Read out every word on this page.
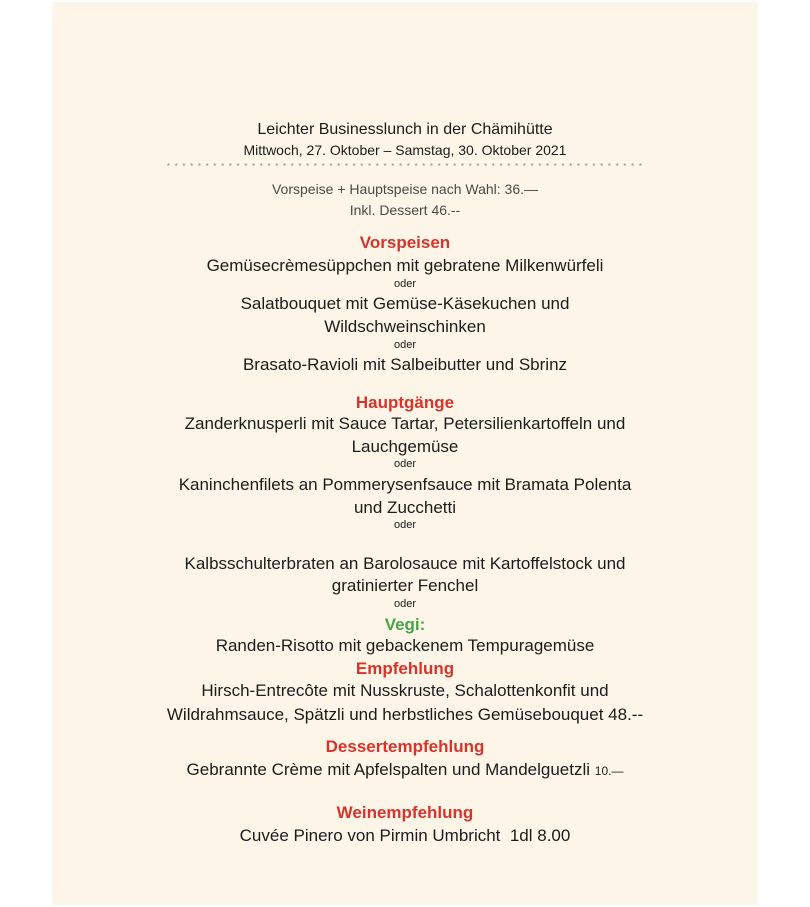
Leichter Businesslunch in der Chämihütte
Mittwoch, 27. Oktober – Samstag, 30. Oktober 2021
* * * * * * * * * * * * * * * * * * * * * * * * * * * * * * * * * * * * * * * * * * * * * * * * * * * * * * * * * * * * * *
Vorspeise + Hauptspeise nach Wahl: 36.—
Inkl. Dessert 46.--
Vorspeisen
Gemüsecrèmesüppchen mit gebratene Milkenwürfeli
oder
Salatbouquet mit Gemüse-Käsekuchen und
Wildschweinschinken
oder
Brasato-Ravioli mit Salbeibutter und Sbrinz
Hauptgänge
Zanderknusperli mit Sauce Tartar, Petersilienkartoffeln und
Lauchgemüse
oder
Kaninchenfilets an Pommerysenfsauce mit Bramata Polenta
und Zucchetti
oder
Kalbsschulterbraten an Barolosauce mit Kartoffelstock und
gratinierter Fenchel
oder
Vegi:
Randen-Risotto mit gebackenem Tempuragemüse
Empfehlung
Hirsch-Entrecôte mit Nusskruste, Schalottenkonfit und
Wildrahmsauce, Spätzli und herbstliches Gemüsebouquet 48.--
Dessertempfehlung
Gebrannte Crème mit Apfelspalten und Mandelguetzli 10.—
Weinempfehlung
Cuvée Pinero von Pirmin Umbricht  1dl 8.00
